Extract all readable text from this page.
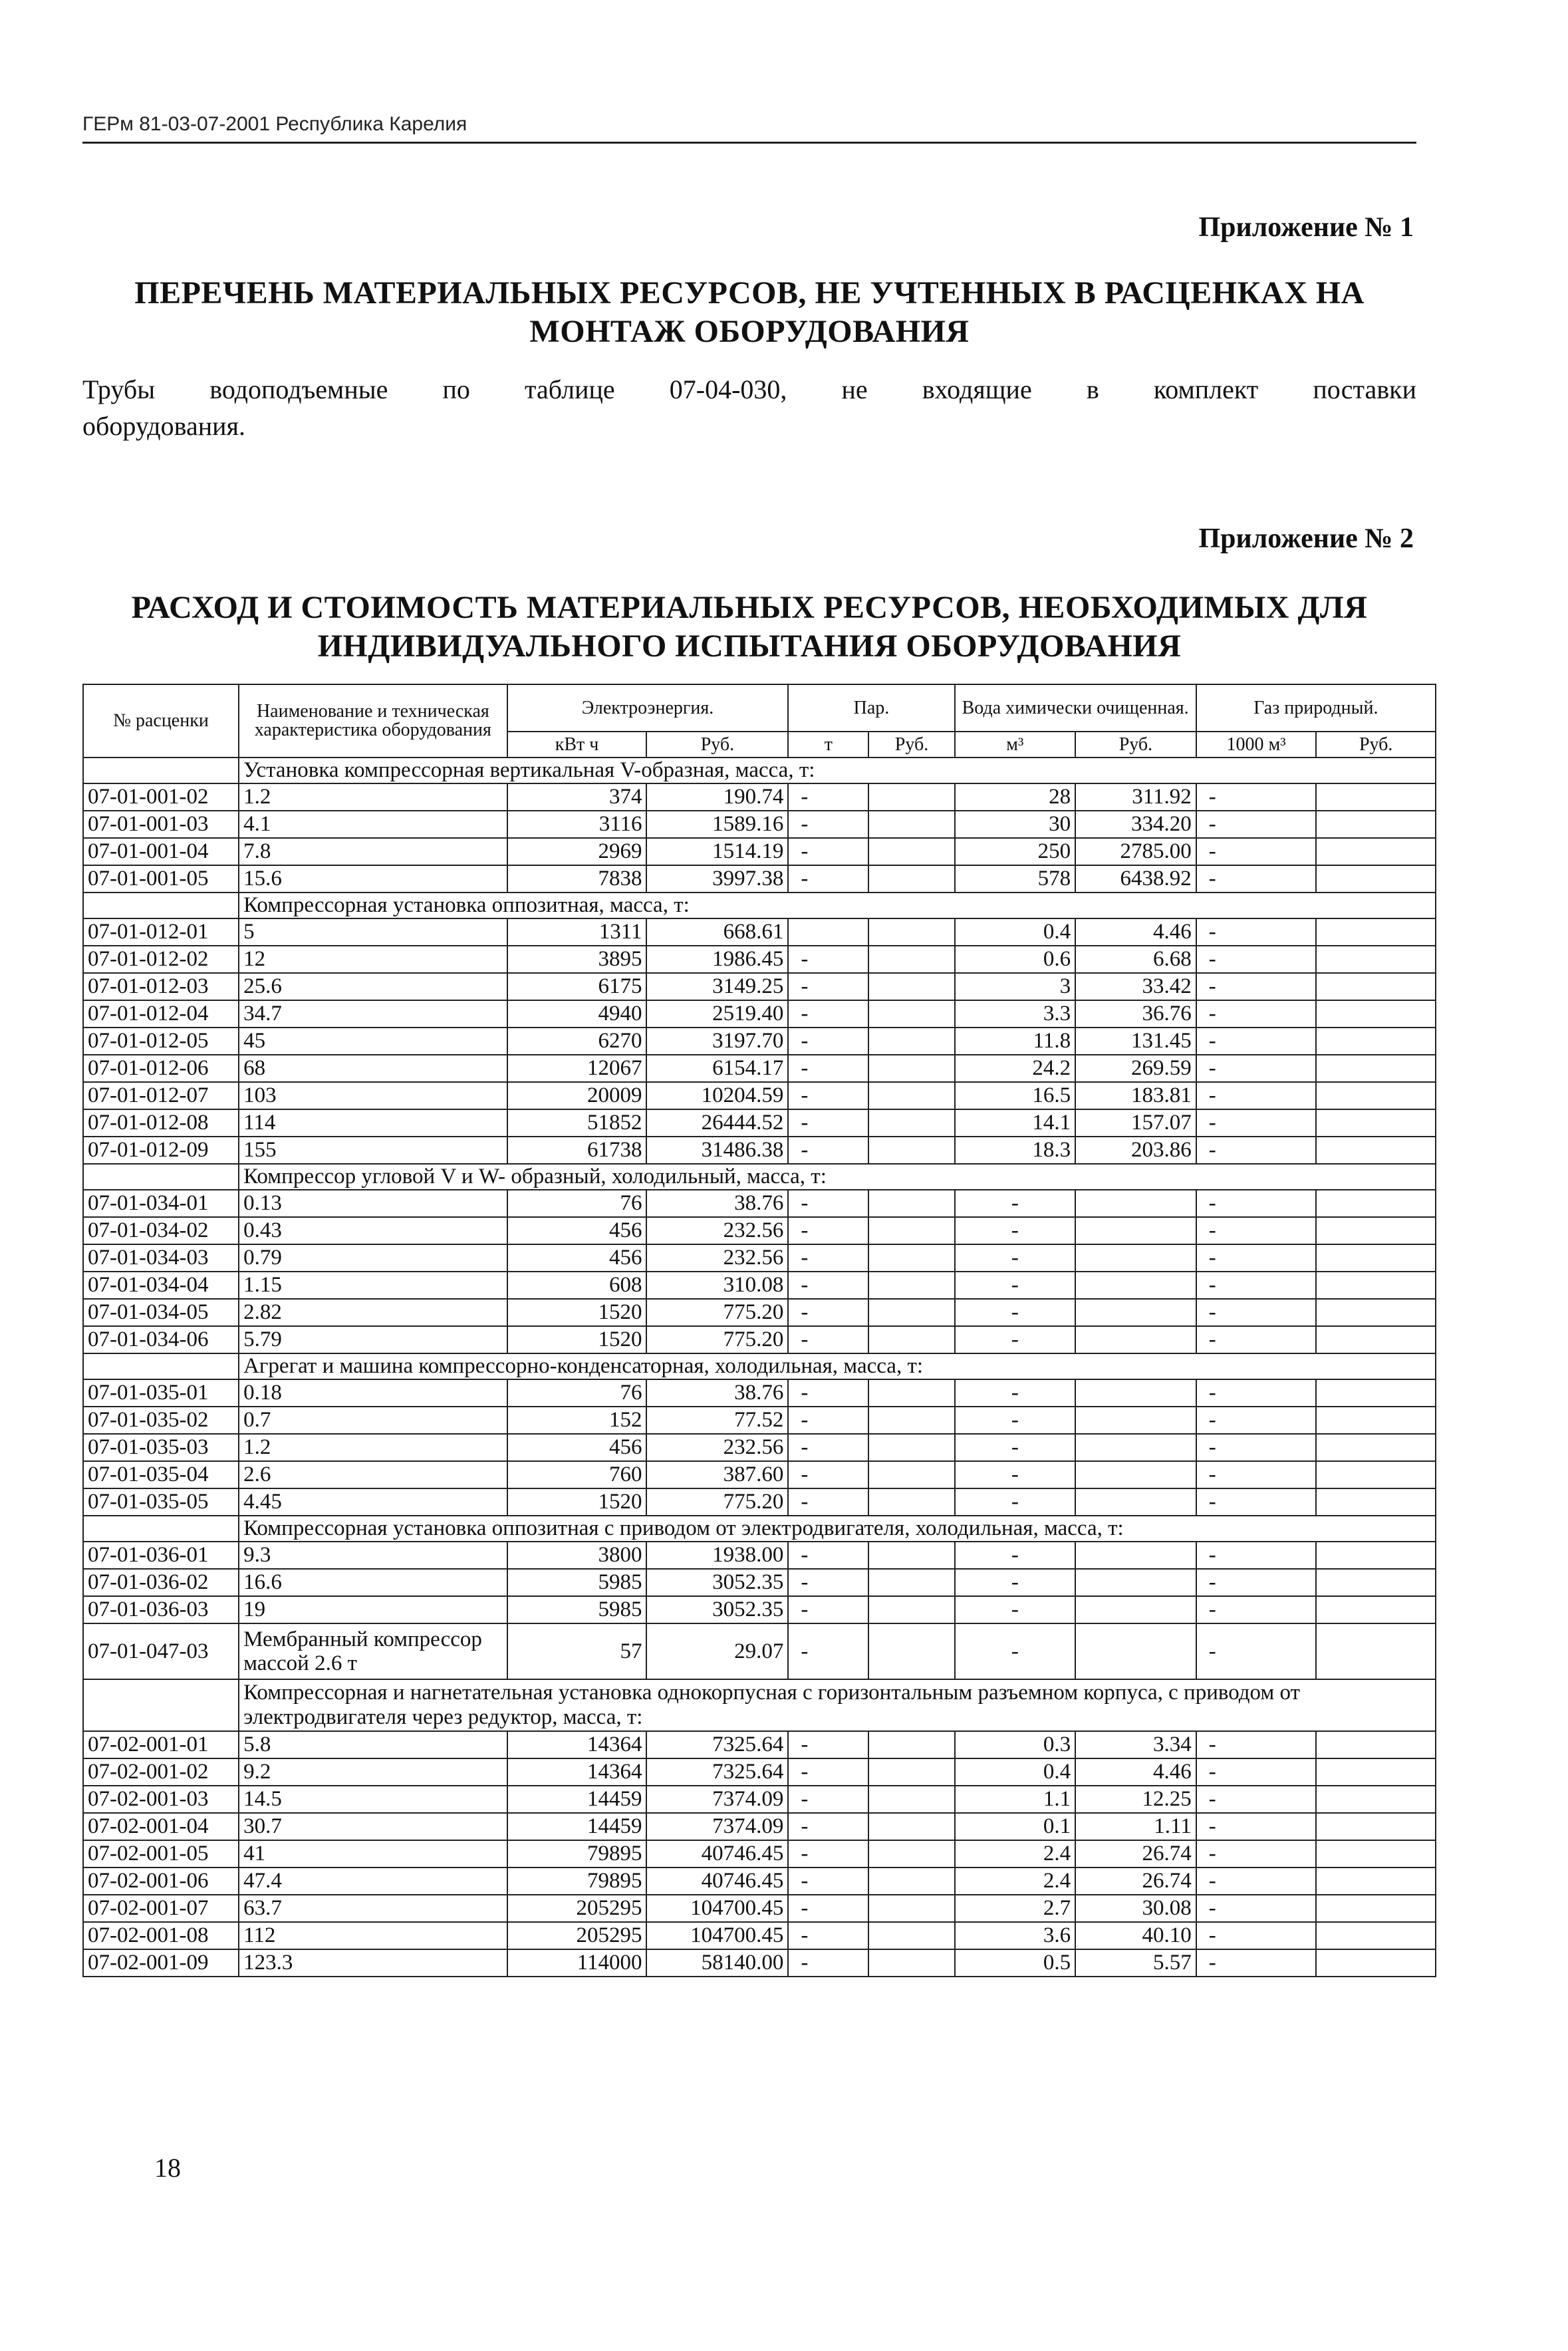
ГЕРм 81-03-07-2001 Республика Карелия
Приложение № 1
ПЕРЕЧЕНЬ МАТЕРИАЛЬНЫХ РЕСУРСОВ, НЕ УЧТЕННЫХ В РАСЦЕНКАХ НА
МОНТАЖ ОБОРУДОВАНИЯ
Трубы водоподъемные по таблице 07-04-030, не входящие в комплект поставки
оборудования.
Приложение № 2
РАСХОД И СТОИМОСТЬ МАТЕРИАЛЬНЫХ РЕСУРСОВ, НЕОБХОДИМЫХ ДЛЯ
ИНДИВИДУАЛЬНОГО ИСПЫТАНИЯ ОБОРУДОВАНИЯ
№ расценки	Наименование и техническая характеристика оборудования	Электроэнергия.		Пар.		Вода химически очищенная.		Газ природный.	
		кВт ч	Руб.	т	Руб.	м³	Руб.	1000 м³	Руб.
	Установка компрессорная вертикальная V-образная, масса, т:								
07-01-001-02	1.2	374	190.74	-		28	311.92	-	
07-01-001-03	4.1	3116	1589.16	-		30	334.20	-	
07-01-001-04	7.8	2969	1514.19	-		250	2785.00	-	
07-01-001-05	15.6	7838	3997.38	-		578	6438.92	-	
	Компрессорная установка оппозитная, масса, т:								
07-01-012-01	5	1311	668.61			0.4	4.46	-	
07-01-012-02	12	3895	1986.45	-		0.6	6.68	-	
07-01-012-03	25.6	6175	3149.25	-		3	33.42	-	
07-01-012-04	34.7	4940	2519.40	-		3.3	36.76	-	
07-01-012-05	45	6270	3197.70	-		11.8	131.45	-	
07-01-012-06	68	12067	6154.17	-		24.2	269.59	-	
07-01-012-07	103	20009	10204.59	-		16.5	183.81	-	
07-01-012-08	114	51852	26444.52	-		14.1	157.07	-	
07-01-012-09	155	61738	31486.38	-		18.3	203.86	-	
	Компрессор угловой V и W- образный, холодильный, масса, т:								
07-01-034-01	0.13	76	38.76	-		-		-	
07-01-034-02	0.43	456	232.56	-		-		-	
07-01-034-03	0.79	456	232.56	-		-		-	
07-01-034-04	1.15	608	310.08	-		-		-	
07-01-034-05	2.82	1520	775.20	-		-		-	
07-01-034-06	5.79	1520	775.20	-		-		-	
	Агрегат и машина компрессорно-конденсаторная, холодильная, масса, т:								
07-01-035-01	0.18	76	38.76	-		-		-	
07-01-035-02	0.7	152	77.52	-		-		-	
07-01-035-03	1.2	456	232.56	-		-		-	
07-01-035-04	2.6	760	387.60	-		-		-	
07-01-035-05	4.45	1520	775.20	-		-		-	
	Компрессорная установка оппозитная с приводом от электродвигателя, холодильная, масса, т:								
07-01-036-01	9.3	3800	1938.00	-		-		-	
07-01-036-02	16.6	5985	3052.35	-		-		-	
07-01-036-03	19	5985	3052.35	-		-		-	
07-01-047-03	Мембранный компрессор массой 2.6 т	57	29.07	-		-		-	
	Компрессорная и нагнетательная установка однокорпусная с горизонтальным разъемном корпуса, с приводом от электродвигателя через редуктор, масса, т:								
07-02-001-01	5.8	14364	7325.64	-		0.3	3.34	-	
07-02-001-02	9.2	14364	7325.64	-		0.4	4.46	-	
07-02-001-03	14.5	14459	7374.09	-		1.1	12.25	-	
07-02-001-04	30.7	14459	7374.09	-		0.1	1.11	-	
07-02-001-05	41	79895	40746.45	-		2.4	26.74	-	
07-02-001-06	47.4	79895	40746.45	-		2.4	26.74	-	
07-02-001-07	63.7	205295	104700.45	-		2.7	30.08	-	
07-02-001-08	112	205295	104700.45	-		3.6	40.10	-	
07-02-001-09	123.3	114000	58140.00	-		0.5	5.57	-	
18
